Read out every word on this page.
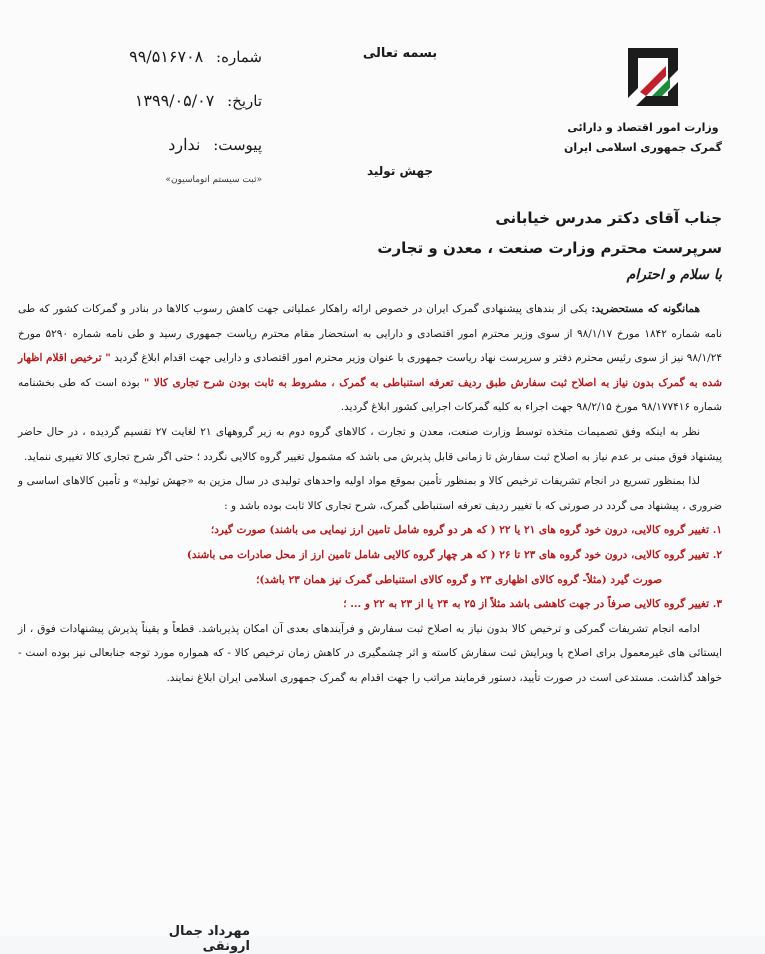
شماره: ۹۹/۵۱۶۷۰۸
تاریخ: ۱۳۹۹/۰۵/۰۷
پیوست: ندارد
«ثبت سیستم اتوماسیون»
بسمه تعالی
جهش تولید
وزارت امور اقتصاد و دارائی
گمرک جمهوری اسلامی ایران
جناب آقای دکتر مدرس خیابانی
سرپرست محترم وزارت صنعت ، معدن و تجارت
با سلام و احترام

همانگونه که مستحضرید: یکی از بندهای پیشنهادی گمرک ایران در خصوص ارائه راهکار عملیاتی جهت کاهش رسوب کالاها در بنادر و گمرکات کشور که طی نامه شماره ۱۸۴۲ مورخ ۹۸/۱/۱۷ از سوی وزیر محترم امور اقتصادی و دارایی به استحضار مقام محترم ریاست جمهوری رسید و طی نامه شماره ۵۲۹۰ مورخ ۹۸/۱/۲۴ نیز از سوی رئیس محترم دفتر و سرپرست نهاد ریاست جمهوری با عنوان وزیر محترم امور اقتصادی و دارایی جهت اقدام ابلاغ گردید " ترخیص اقلام اظهار شده به گمرک بدون نیاز به اصلاح ثبت سفارش طبق ردیف تعرفه استنباطی به گمرک ، مشروط به ثابت بودن شرح تجاری کالا " بوده است که طی بخشنامه شماره ۹۸/۱۷۷۴۱۶ مورخ ۹۸/۲/۱۵ جهت اجراء به کلیه گمرکات اجرایی کشور ابلاغ گردید.

نظر به اینکه وفق تصمیمات متخذه توسط وزارت صنعت، معدن و تجارت ، کالاهای گروه دوم به زیر گروههای ۲۱ لغایت ۲۷ تقسیم گردیده ، در حال حاضر پیشنهاد فوق مبنی بر عدم نیاز به اصلاح ثبت سفارش تا زمانی قابل پذیرش می باشد که مشمول تغییر گروه کالایی نگردد ؛ حتی اگر شرح تجاری کالا تغییری ننماید.

لذا بمنظور تسریع در انجام تشریفات ترخیص کالا و بمنظور تأمین بموقع مواد اولیه واحدهای تولیدی در سال مزین به «جهش تولید» و تأمین کالاهای اساسی و ضروری ، پیشنهاد می گردد در صورتی که با تغییر ردیف تعرفه استنباطی گمرک، شرح تجاری کالا ثابت بوده باشد و :

۱. تغییر گروه کالایی، درون خود گروه های ۲۱ یا ۲۲ ( که هر دو گروه شامل تامین ارز نیمایی می باشند) صورت گیرد؛
۲. تغییر گروه کالایی، درون خود گروه های ۲۳ تا ۲۶ ( که هر چهار گروه کالایی شامل تامین ارز از محل صادرات می باشند)
صورت گیرد (مثلاً- گروه کالای اظهاری ۲۳ و گروه کالای استنباطی گمرک نیز همان ۲۳ باشد)؛
۳. تغییر گروه کالایی صرفاً در جهت کاهشی باشد مثلاً از ۲۵ به ۲۴ یا از ۲۳ به ۲۲ و ... ؛

ادامه انجام تشریفات گمرکی و ترخیص کالا بدون نیاز به اصلاح ثبت سفارش و فرآیندهای بعدی آن امکان پذیرباشد. قطعاً و یقیناً پذیرش پیشنهادات فوق ، از ایستائی های غیرمعمول برای اصلاح یا ویرایش ثبت سفارش کاسته و اثر چشمگیری در کاهش زمان ترخیص کالا - که همواره مورد توجه جنابعالی نیز بوده است - خواهد گذاشت. مستدعی است در صورت تأیید، دستور فرمایند مراتب را جهت اقدام به گمرک جمهوری اسلامی ایران ابلاغ نمایند.

مهرداد جمال ارونقی
